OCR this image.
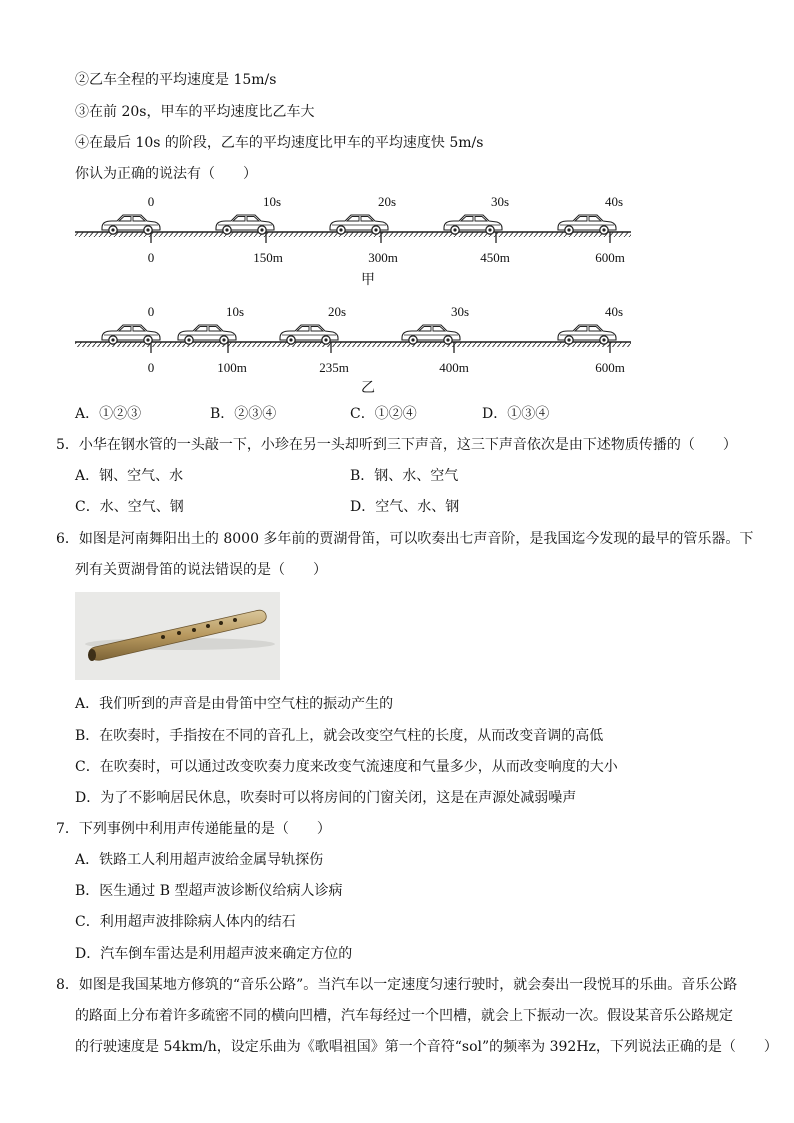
②乙车全程的平均速度是 15m/s
③在前 20s，甲车的平均速度比乙车大
④在最后 10s 的阶段，乙车的平均速度比甲车的平均速度快 5m/s
你认为正确的说法有（　　）
0	10s	20s	30s	40s
0	150m	300m	450m	600m
甲
0	10s	20s	30s	40s
0	100m	235m	400m	600m
乙
A．①②③	B．②③④	C．①②④	D．①③④
5．小华在钢水管的一头敲一下，小珍在另一头却听到三下声音，这三下声音依次是由下述物质传播的（　　）
A．钢、空气、水	B．钢、水、空气
C．水、空气、钢	D．空气、水、钢
6．如图是河南舞阳出土的 8000 多年前的贾湖骨笛，可以吹奏出七声音阶，是我国迄今发现的最早的管乐器。下
列有关贾湖骨笛的说法错误的是（　　）
A．我们听到的声音是由骨笛中空气柱的振动产生的
B．在吹奏时，手指按在不同的音孔上，就会改变空气柱的长度，从而改变音调的高低
C．在吹奏时，可以通过改变吹奏力度来改变气流速度和气量多少，从而改变响度的大小
D．为了不影响居民休息，吹奏时可以将房间的门窗关闭，这是在声源处减弱噪声
7．下列事例中利用声传递能量的是（　　）
A．铁路工人利用超声波给金属导轨探伤
B．医生通过 B 型超声波诊断仪给病人诊病
C．利用超声波排除病人体内的结石
D．汽车倒车雷达是利用超声波来确定方位的
8．如图是我国某地方修筑的“音乐公路”。当汽车以一定速度匀速行驶时，就会奏出一段悦耳的乐曲。音乐公路
的路面上分布着许多疏密不同的横向凹槽，汽车每经过一个凹槽，就会上下振动一次。假设某音乐公路规定
的行驶速度是 54km/h，设定乐曲为《歌唱祖国》第一个音符“sol”的频率为 392Hz，下列说法正确的是（　　）
